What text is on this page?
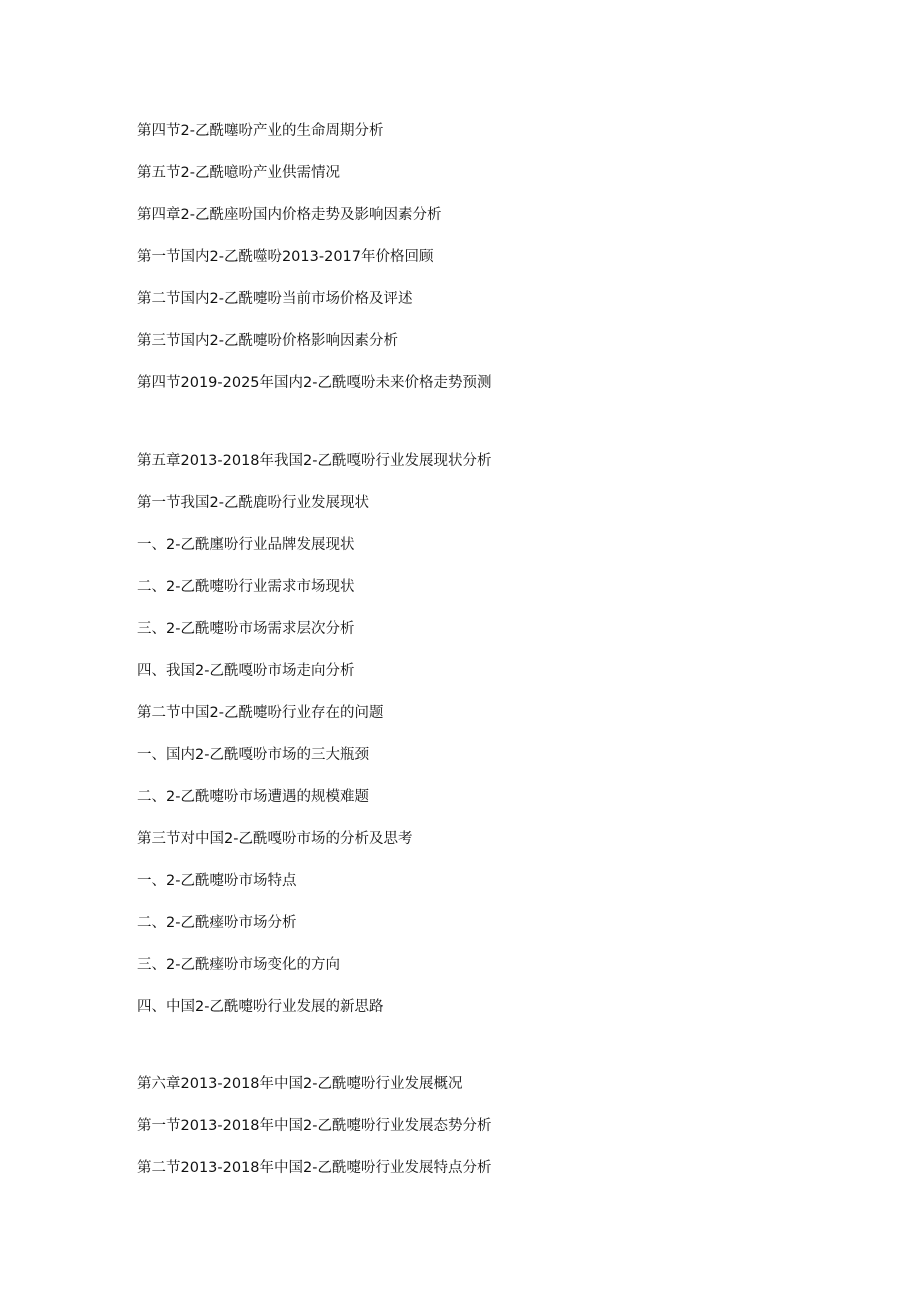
第四节2-乙酰噻吩产业的生命周期分析
第五节2-乙酰噫吩产业供需情况
第四章2-乙酰座吩国内价格走势及影响因素分析
第一节国内2-乙酰噬吩2013-2017年价格回顾
第二节国内2-乙酰嚏吩当前市场价格及评述
第三节国内2-乙酰嚏吩价格影响因素分析
第四节2019-2025年国内2-乙酰嘎吩未来价格走势预测
第五章2013-2018年我国2-乙酰嘎吩行业发展现状分析
第一节我国2-乙酰鹿吩行业发展现状
一、2-乙酰廛吩行业品牌发展现状
二、2-乙酰嚏吩行业需求市场现状
三、2-乙酰嚏吩市场需求层次分析
四、我国2-乙酰嘎吩市场走向分析
第二节中国2-乙酰嚏吩行业存在的问题
一、国内2-乙酰嘎吩市场的三大瓶颈
二、2-乙酰嚏吩市场遭遇的规模难题
第三节对中国2-乙酰嘎吩市场的分析及思考
一、2-乙酰嚏吩市场特点
二、2-乙酰瘗吩市场分析
三、2-乙酰瘗吩市场变化的方向
四、中国2-乙酰嚏吩行业发展的新思路
第六章2013-2018年中国2-乙酰嚏吩行业发展概况
第一节2013-2018年中国2-乙酰嚏吩行业发展态势分析
第二节2013-2018年中国2-乙酰嚏吩行业发展特点分析
